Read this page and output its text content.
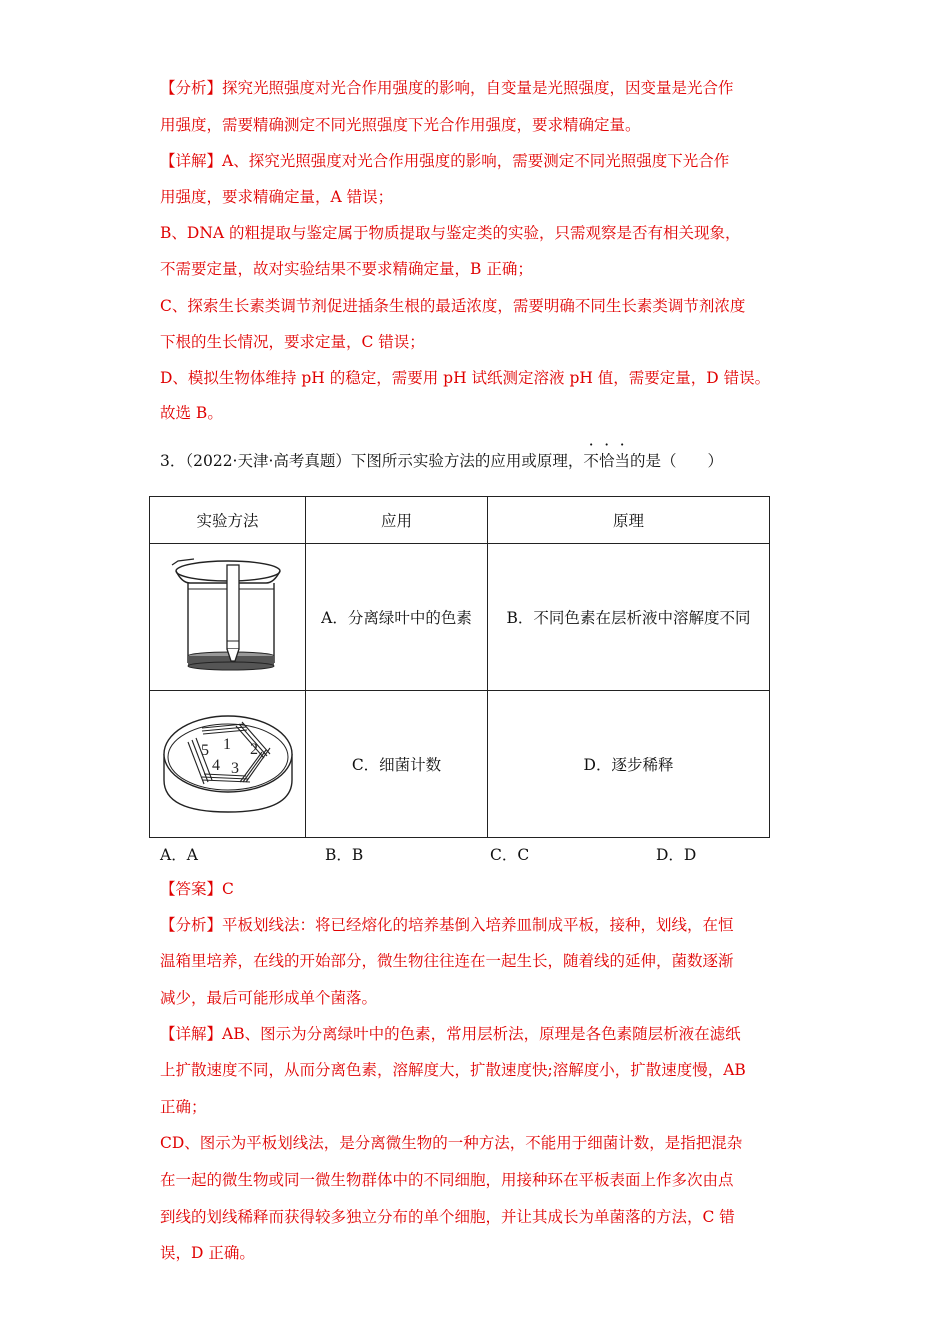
【分析】探究光照强度对光合作用强度的影响，自变量是光照强度，因变量是光合作
用强度，需要精确测定不同光照强度下光合作用强度，要求精确定量。
【详解】A、探究光照强度对光合作用强度的影响，需要测定不同光照强度下光合作
用强度，要求精确定量，A 错误；
B、DNA 的粗提取与鉴定属于物质提取与鉴定类的实验，只需观察是否有相关现象，
不需要定量，故对实验结果不要求精确定量，B 正确；
C、探索生长素类调节剂促进插条生根的最适浓度，需要明确不同生长素类调节剂浓度
下根的生长情况，要求定量，C 错误；
D、模拟生物体维持 pH 的稳定，需要用 pH 试纸测定溶液 pH 值，需要定量，D 错误。
故选 B。
3．（2022·天津·高考真题）下图所示实验方法的应用或原理，不恰当的是（　　）
实验方法	应用	原理
	A．分离绿叶中的色素	B．不同色素在层析液中溶解度不同

1 2
3
4
5	C．细菌计数	D．逐步稀释
A．A	B．B	C．C	D．D
【答案】C
【分析】平板划线法：将已经熔化的培养基倒入培养皿制成平板，接种，划线，在恒
温箱里培养，在线的开始部分，微生物往往连在一起生长，随着线的延伸，菌数逐渐
减少，最后可能形成单个菌落。
【详解】AB、图示为分离绿叶中的色素，常用层析法，原理是各色素随层析液在滤纸
上扩散速度不同，从而分离色素，溶解度大，扩散速度快;溶解度小，扩散速度慢，AB
正确；
CD、图示为平板划线法，是分离微生物的一种方法，不能用于细菌计数，是指把混杂
在一起的微生物或同一微生物群体中的不同细胞，用接种环在平板表面上作多次由点
到线的划线稀释而获得较多独立分布的单个细胞，并让其成长为单菌落的方法，C 错
误，D 正确。
